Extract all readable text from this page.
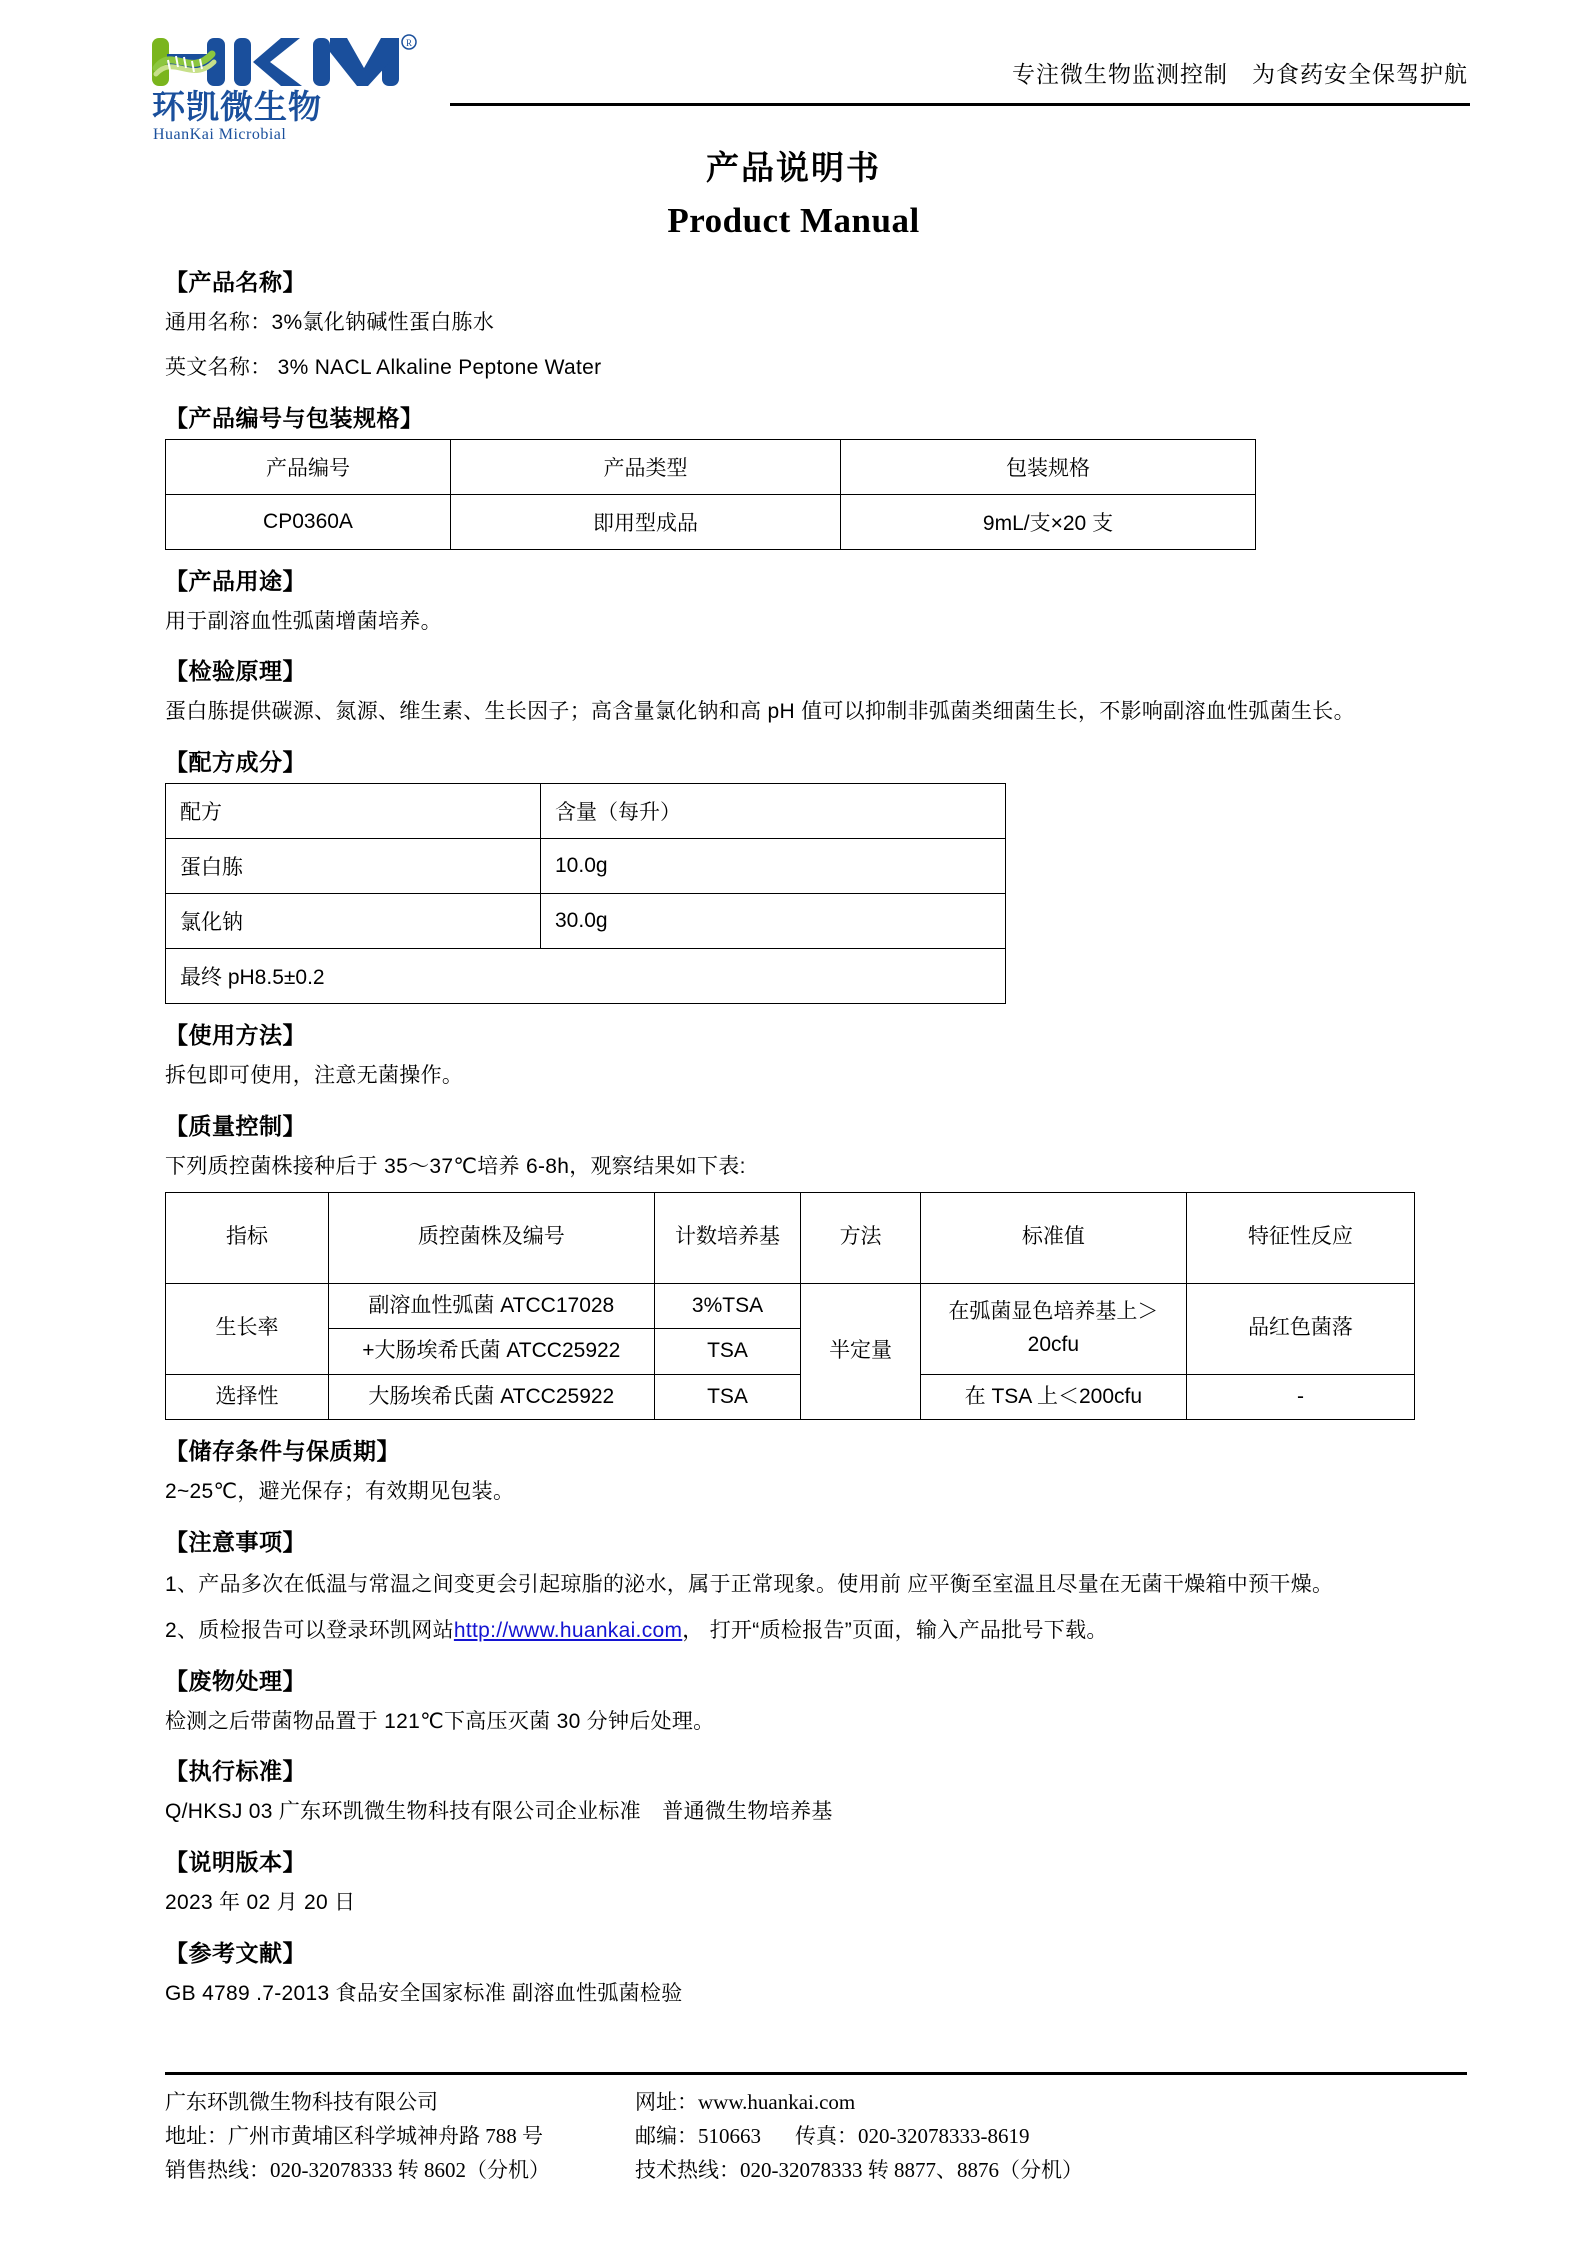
R
环凯微生物
HuanKai Microbial
专注微生物监测控制　为食药安全保驾护航
产品说明书
Product Manual
【产品名称】
通用名称：3%氯化钠碱性蛋白胨水
英文名称： 3% NACL Alkaline Peptone Water
【产品编号与包装规格】
产品编号	产品类型	包装规格
CP0360A	即用型成品	9mL/支×20 支
【产品用途】
用于副溶血性弧菌增菌培养。
【检验原理】
蛋白胨提供碳源、氮源、维生素、生长因子；高含量氯化钠和高 pH 值可以抑制非弧菌类细菌生长，不影响副溶血性弧菌生长。
【配方成分】
配方	含量（每升）
蛋白胨	10.0g
氯化钠	30.0g
最终 pH8.5±0.2	
【使用方法】
拆包即可使用，注意无菌操作。
【质量控制】
下列质控菌株接种后于 35～37℃培养 6-8h，观察结果如下表:
指标	质控菌株及编号	计数培养基	方法	标准值	特征性反应
生长率	副溶血性弧菌 ATCC17028	3%TSA	半定量	在弧菌显色培养基上＞20cfu	品红色菌落
	+大肠埃希氏菌 ATCC25922	TSA			
选择性	大肠埃希氏菌 ATCC25922	TSA		在 TSA 上＜200cfu	-
【储存条件与保质期】
2~25℃，避光保存；有效期见包装。
【注意事项】
1、产品多次在低温与常温之间变更会引起琼脂的泌水，属于正常现象。使用前 应平衡至室温且尽量在无菌干燥箱中预干燥。
2、质检报告可以登录环凯网站http://www.huankai.com， 打开“质检报告”页面，输入产品批号下载。
【废物处理】
检测之后带菌物品置于 121℃下高压灭菌 30 分钟后处理。
【执行标准】
Q/HKSJ 03 广东环凯微生物科技有限公司企业标准　普通微生物培养基
【说明版本】
2023 年 02 月 20 日
【参考文献】
GB 4789 .7-2013 食品安全国家标准 副溶血性弧菌检验
广东环凯微生物科技有限公司
地址：广州市黄埔区科学城神舟路 788 号
销售热线：020-32078333 转 8602（分机）
网址：www.huankai.com
邮编：510663 传真：020-32078333-8619
技术热线：020-32078333 转 8877、8876（分机）
